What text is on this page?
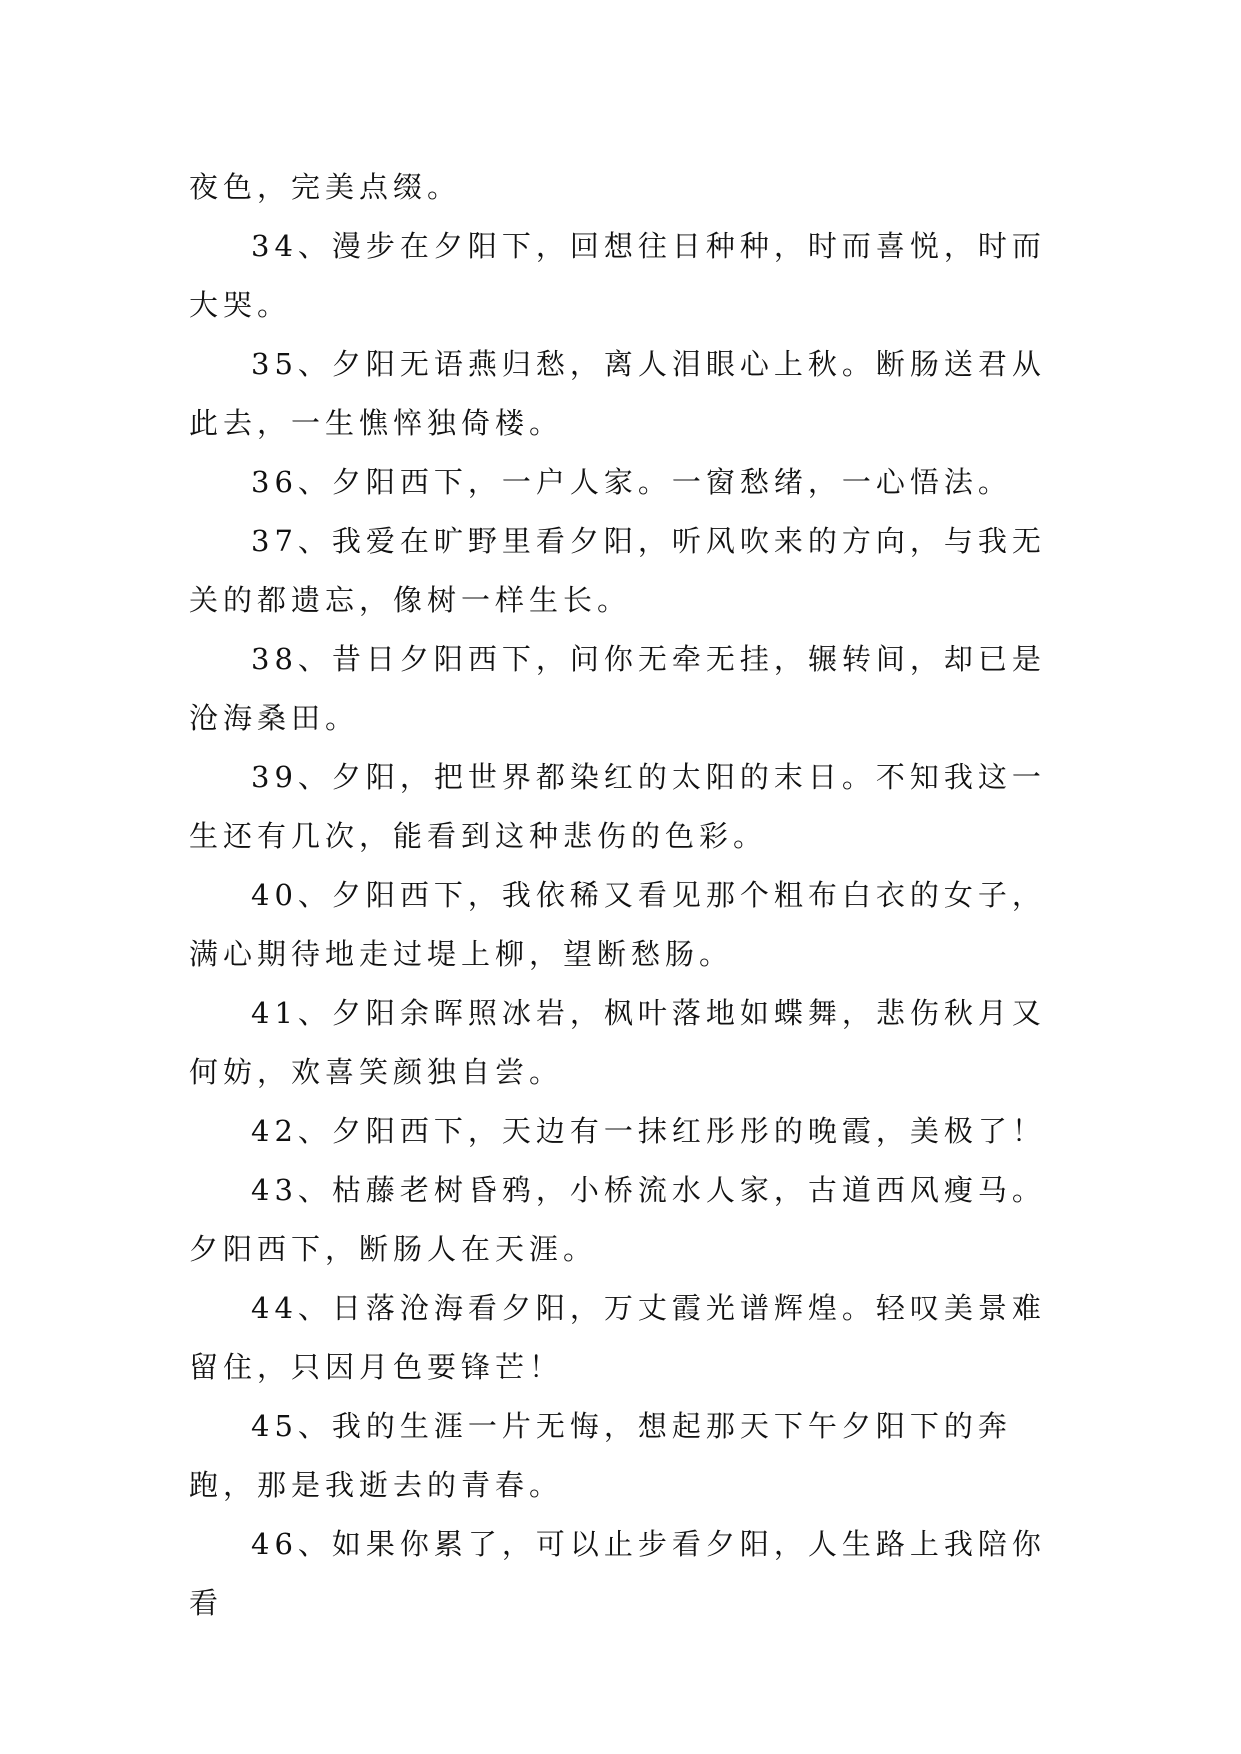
夜色，完美点缀。

34、漫步在夕阳下，回想往日种种，时而喜悦，时而大哭。

35、夕阳无语燕归愁，离人泪眼心上秋。断肠送君从此去，一生憔悴独倚楼。

36、夕阳西下，一户人家。一窗愁绪，一心悟法。

37、我爱在旷野里看夕阳，听风吹来的方向，与我无关的都遗忘，像树一样生长。

38、昔日夕阳西下，问你无牵无挂，辗转间，却已是沧海桑田。

39、夕阳，把世界都染红的太阳的末日。不知我这一生还有几次，能看到这种悲伤的色彩。

40、夕阳西下，我依稀又看见那个粗布白衣的女子，满心期待地走过堤上柳，望断愁肠。

41、夕阳余晖照冰岩，枫叶落地如蝶舞，悲伤秋月又何妨，欢喜笑颜独自尝。

42、夕阳西下，天边有一抹红彤彤的晚霞，美极了！

43、枯藤老树昏鸦，小桥流水人家，古道西风瘦马。夕阳西下，断肠人在天涯。

44、日落沧海看夕阳，万丈霞光谱辉煌。轻叹美景难留住，只因月色要锋芒！

45、我的生涯一片无悔，想起那天下午夕阳下的奔跑，那是我逝去的青春。

46、如果你累了，可以止步看夕阳，人生路上我陪你看
